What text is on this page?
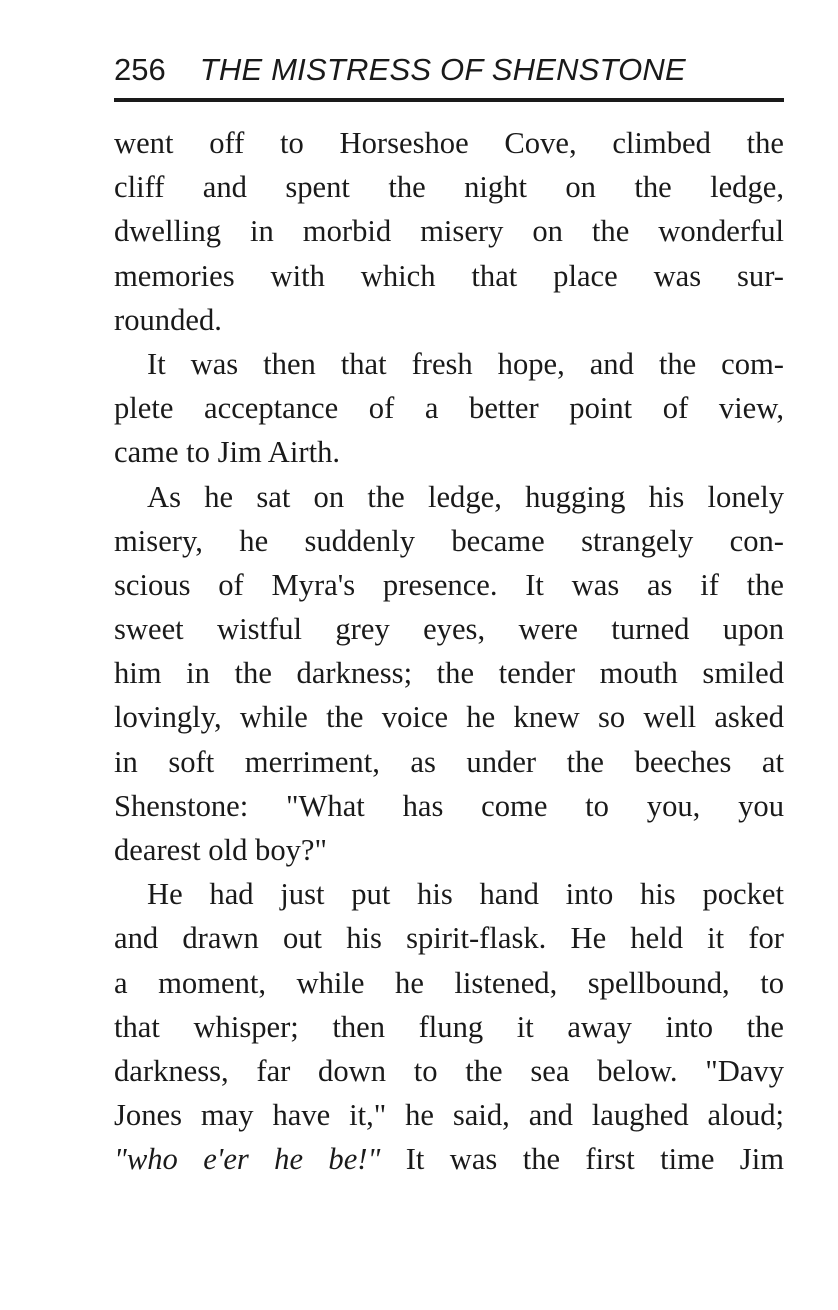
256 THE MISTRESS OF SHENSTONE
went off to Horseshoe Cove, climbed the
cliff and spent the night on the ledge,
dwelling in morbid misery on the wonderful
memories with which that place was sur-
rounded.
It was then that fresh hope, and the com-
plete acceptance of a better point of view,
came to Jim Airth.
As he sat on the ledge, hugging his lonely
misery, he suddenly became strangely con-
scious of Myra's presence. It was as if the
sweet wistful grey eyes, were turned upon
him in the darkness; the tender mouth smiled
lovingly, while the voice he knew so well asked
in soft merriment, as under the beeches at
Shenstone: "What has come to you, you
dearest old boy?"
He had just put his hand into his pocket
and drawn out his spirit-flask. He held it for
a moment, while he listened, spellbound, to
that whisper; then flung it away into the
darkness, far down to the sea below. "Davy
Jones may have it," he said, and laughed aloud;
"who e'er he be!" It was the first time Jim
